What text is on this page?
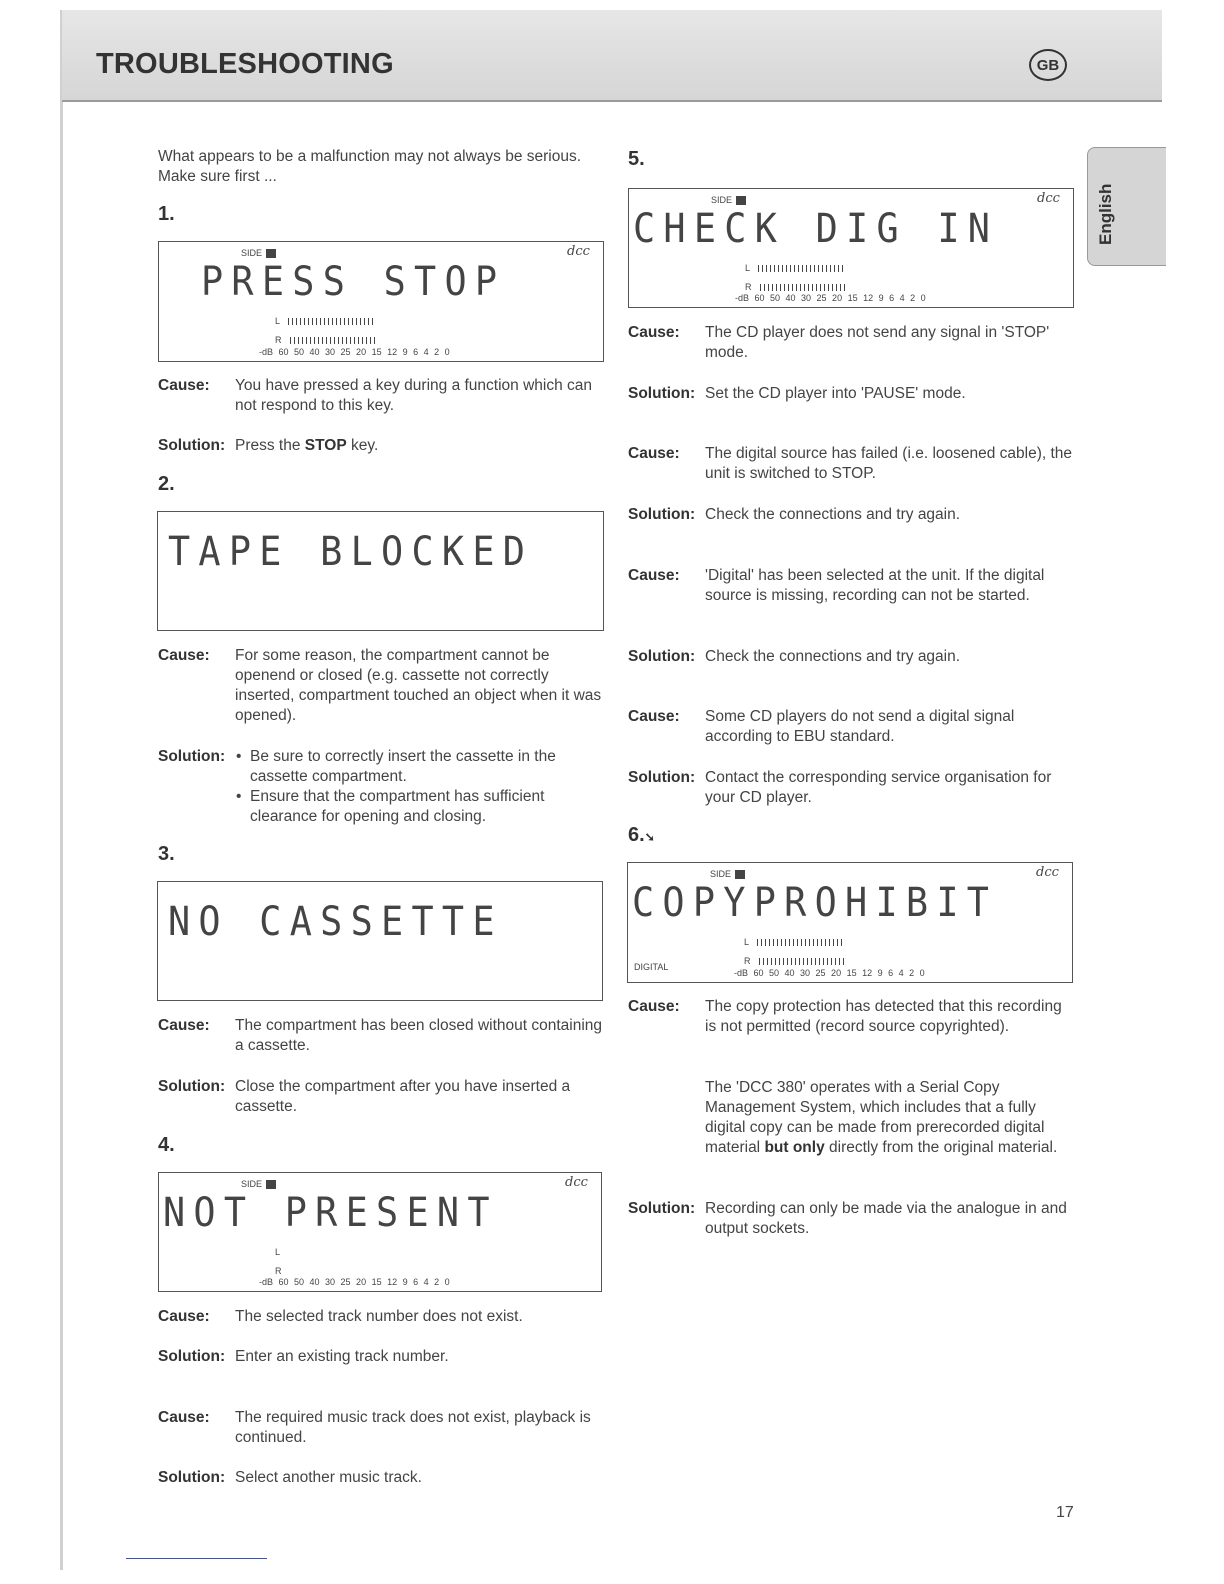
TROUBLESHOOTING	GB
English

What appears to be a malfunction may not always be serious. Make sure first ...

1.
SIDE	dcc
PRESS STOP
L
R
-dB 60 50 40 30 25 20 15 12 9 6 4 2 0
Cause: You have pressed a key during a function which can not respond to this key.
Solution: Press the STOP key.
2.
TAPE BLOCKED
Cause: For some reason, the compartment cannot be openend or closed (e.g. cassette not correctly inserted, compartment touched an object when it was opened).
Solution: • Be sure to correctly insert the cassette in the cassette compartment.
• Ensure that the compartment has sufficient clearance for opening and closing.
3.
NO CASSETTE
Cause: The compartment has been closed without containing a cassette.
Solution: Close the compartment after you have inserted a cassette.
4.
SIDE	dcc
NOT PRESENT
L
R
-dB 60 50 40 30 25 20 15 12 9 6 4 2 0
Cause: The selected track number does not exist.
Solution: Enter an existing track number.
Cause: The required music track does not exist, playback is continued.
Solution: Select another music track.
5.
SIDE	dcc
CHECK DIG IN
L
R
-dB 60 50 40 30 25 20 15 12 9 6 4 2 0
Cause: The CD player does not send any signal in 'STOP' mode.
Solution: Set the CD player into 'PAUSE' mode.
Cause: The digital source has failed (i.e. loosened cable), the unit is switched to STOP.
Solution: Check the connections and try again.
Cause: 'Digital' has been selected at the unit. If the digital source is missing, recording can not be started.
Solution: Check the connections and try again.
Cause: Some CD players do not send a digital signal according to EBU standard.
Solution: Contact the corresponding service organisation for your CD player.
6.➘
SIDE	dcc
COPYPROHIBIT
L
DIGITAL
R
-dB 60 50 40 30 25 20 15 12 9 6 4 2 0
Cause: The copy protection has detected that this recording is not permitted (record source copyrighted).
The 'DCC 380' operates with a Serial Copy Management System, which includes that a fully digital copy can be made from prerecorded digital material but only directly from the original material.
Solution: Recording can only be made via the analogue in and output sockets.
17
